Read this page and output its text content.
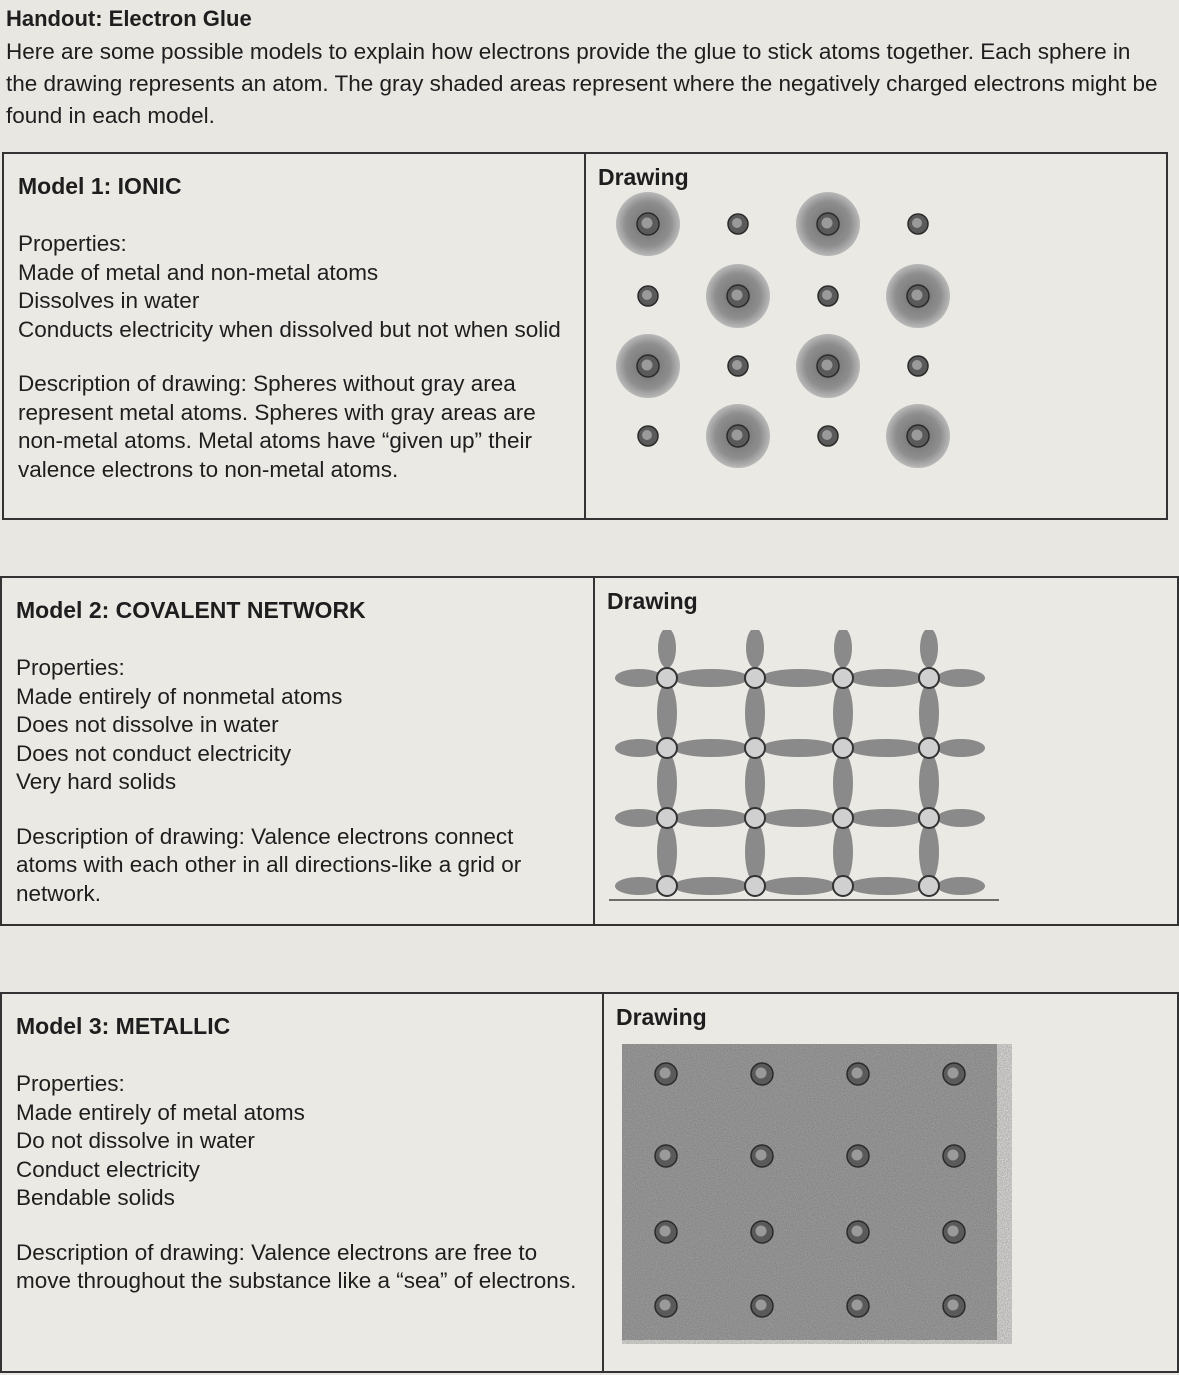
Handout: Electron Glue
Here are some possible models to explain how electrons provide the glue to stick atoms together. Each sphere in the drawing represents an atom. The gray shaded areas represent where the negatively charged electrons might be found in each model.
Model 1: IONIC
Properties:
Made of metal and non-metal atoms
Dissolves in water
Conducts electricity when dissolved but not when solid
Description of drawing: Spheres without gray area represent metal atoms. Spheres with gray areas are non-metal atoms. Metal atoms have “given up” their valence electrons to non-metal atoms.
Drawing
Model 2: COVALENT NETWORK
Properties:
Made entirely of nonmetal atoms
Does not dissolve in water
Does not conduct electricity
Very hard solids
Description of drawing: Valence electrons connect atoms with each other in all directions-like a grid or network.
Drawing
Model 3: METALLIC
Properties:
Made entirely of metal atoms
Do not dissolve in water
Conduct electricity
Bendable solids
Description of drawing: Valence electrons are free to move throughout the substance like a “sea” of electrons.
Drawing
